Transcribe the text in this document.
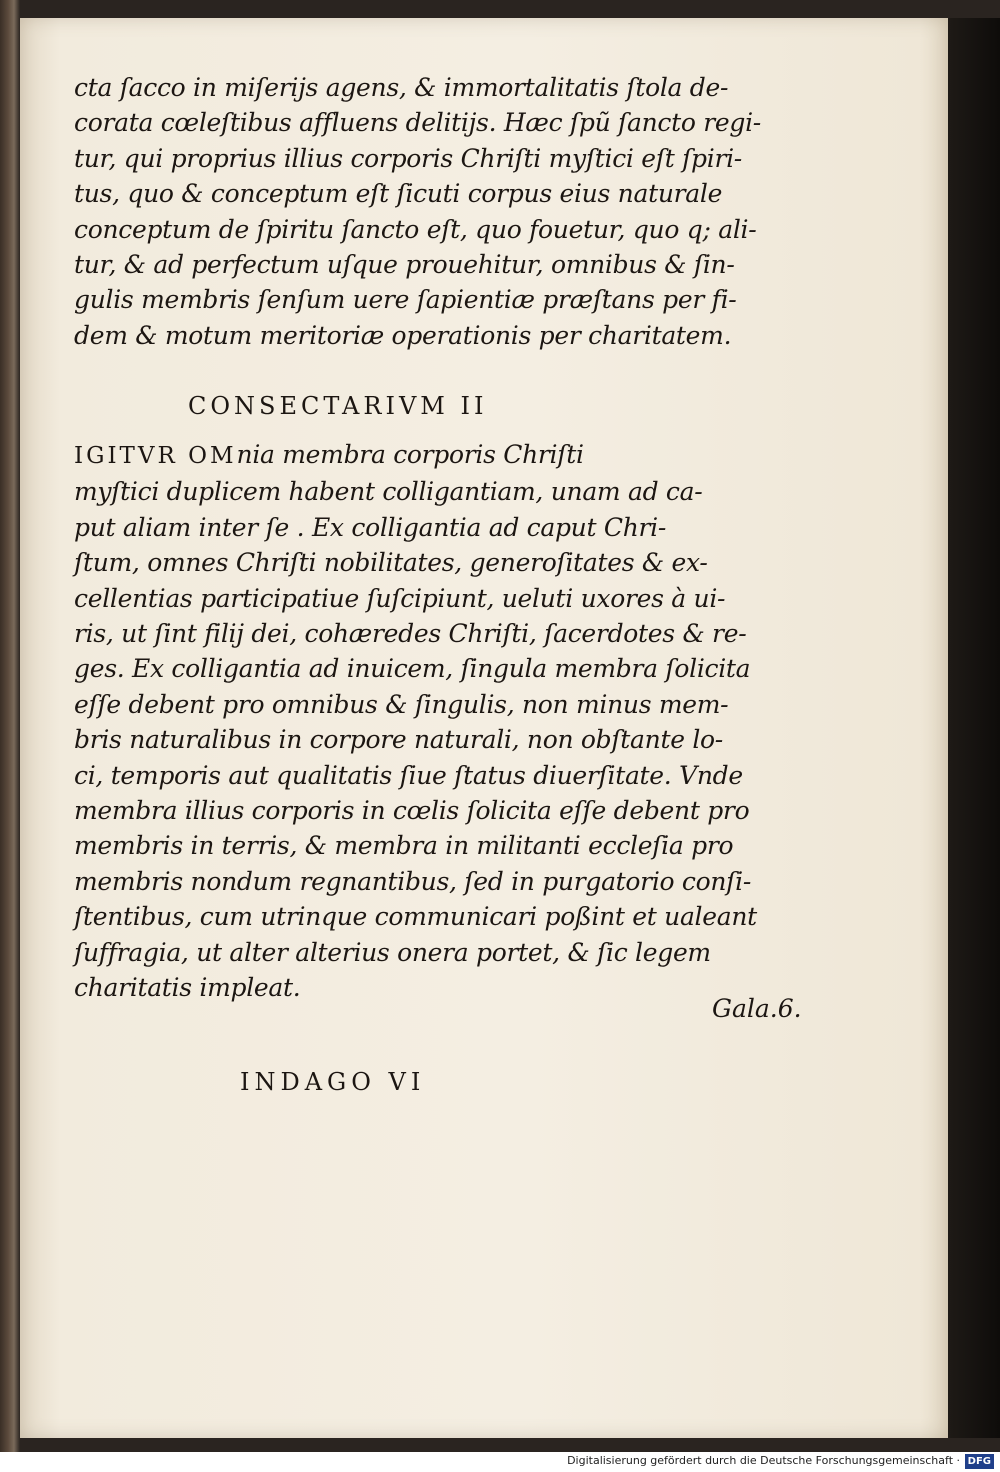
cta ſacco in miſerijs agens, & immortalitatis ſtola de-
corata cœleſtibus affluens delitijs. Hæc ſpũ ſancto regi-
tur, qui proprius illius corporis Chriſti myſtici eſt ſpiri-
tus, quo & conceptum eſt ſicuti corpus eius naturale
conceptum de ſpiritu ſancto eſt, quo fouetur, quo q; ali-
tur, & ad perfectum uſque prouehitur, omnibus & ſin-
gulis membris ſenſum uere ſapientiæ præſtans per fi-
dem & motum meritoriæ operationis per charitatem.
CONSECTARIVM II
IGITVR OMnia membra corporis Chriſti
myſtici duplicem habent colligantiam, unam ad ca-
put aliam inter ſe . Ex colligantia ad caput Chri-
ſtum, omnes Chriſti nobilitates, generoſitates & ex-
cellentias participatiue ſuſcipiunt, ueluti uxores à ui-
ris, ut ſint filij dei, cohæredes Chriſti, ſacerdotes & re-
ges. Ex colligantia ad inuicem, ſingula membra ſolicita
eſſe debent pro omnibus & ſingulis, non minus mem-
bris naturalibus in corpore naturali, non obſtante lo-
ci, temporis aut qualitatis ſiue ſtatus diuerſitate. Vnde
membra illius corporis in cœlis ſolicita eſſe debent pro
membris in terris, & membra in militanti eccleſia pro
membris nondum regnantibus, ſed in purgatorio conſi-
ſtentibus, cum utrinque communicari poßint et ualeant
ſuffragia, ut alter alterius onera portet, & ſic legem
charitatis impleat.
Gala.6.
INDAGO VI
Digitalisierung gefördert durch die Deutsche Forschungsgemeinschaft · DFG
